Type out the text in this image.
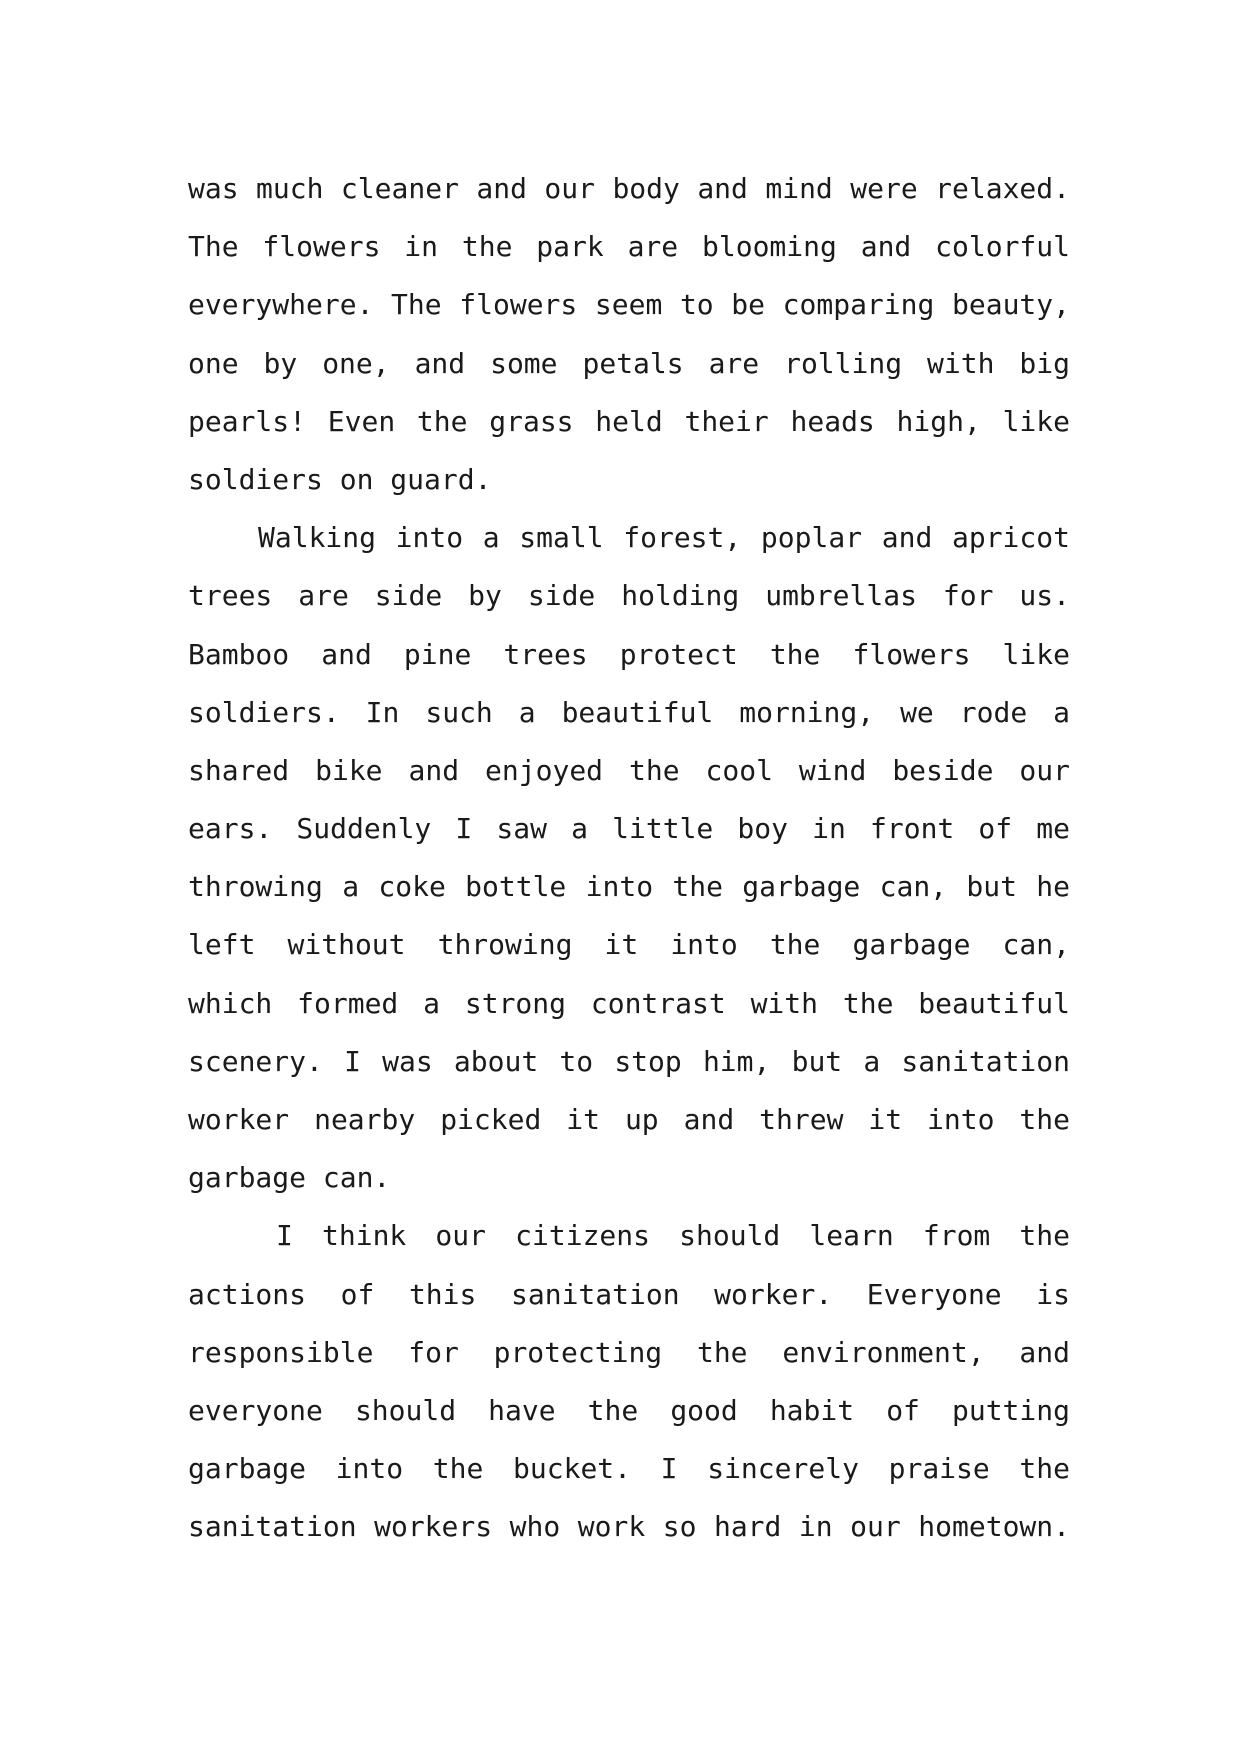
was much cleaner and our body and mind were relaxed.
The flowers in the park are blooming and colorful
everywhere. The flowers seem to be comparing beauty,
one by one, and some petals are rolling with big
pearls! Even the grass held their heads high, like
soldiers on guard.
Walking into a small forest, poplar and apricot
trees are side by side holding umbrellas for us.
Bamboo and pine trees protect the flowers like
soldiers. In such a beautiful morning, we rode a
shared bike and enjoyed the cool wind beside our
ears. Suddenly I saw a little boy in front of me
throwing a coke bottle into the garbage can, but he
left without throwing it into the garbage can,
which formed a strong contrast with the beautiful
scenery. I was about to stop him, but a sanitation
worker nearby picked it up and threw it into the
garbage can.
I think our citizens should learn from the
actions of this sanitation worker. Everyone is
responsible for protecting the environment, and
everyone should have the good habit of putting
garbage into the bucket. I sincerely praise the
sanitation workers who work so hard in our hometown.
